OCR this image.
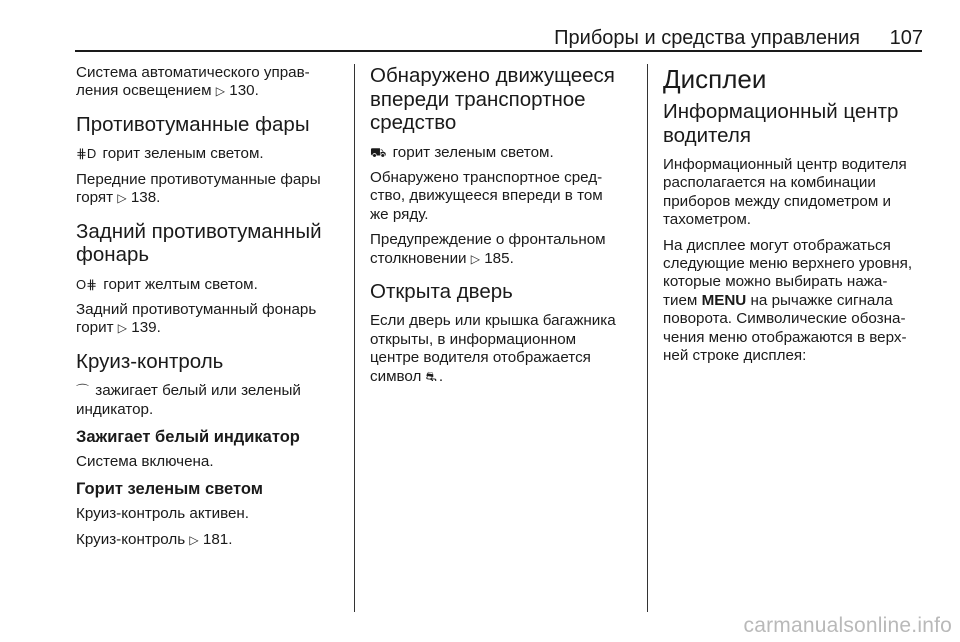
Приборы и средства управления 107

Система автоматического управ-
ления освещением ▷ 130.

Противотуманные фары

⋕D горит зеленым светом.

Передние противотуманные фары
горят ▷ 138.

Задний противотуманный
фонарь

O⋕ горит желтым светом.

Задний противотуманный фонарь
горит ▷ 139.

Круиз-контроль

⌒ зажигает белый или зеленый
индикатор.

Зажигает белый индикатор

Система включена.

Горит зеленым светом

Круиз-контроль активен.

Круиз-контроль ▷ 181.

Обнаружено движущееся
впереди транспортное
средство

⛟ горит зеленым светом.

Обнаружено транспортное сред-
ство, движущееся впереди в том
же ряду.

Предупреждение о фронтальном
столкновении ▷ 185.

Открыта дверь

Если дверь или крышка багажника
открыты, в информационном
центре водителя отображается
символ ⛐ .

Дисплеи
Информационный центр
водителя

Информационный центр водителя
располагается на комбинации
приборов между спидометром и
тахометром.

На дисплее могут отображаться
следующие меню верхнего уровня,
которые можно выбирать нажа-
тием MENU на рычажке сигнала
поворота. Символические обозна-
чения меню отображаются в верх-
ней строке дисплея:

carmanualsonline.info
